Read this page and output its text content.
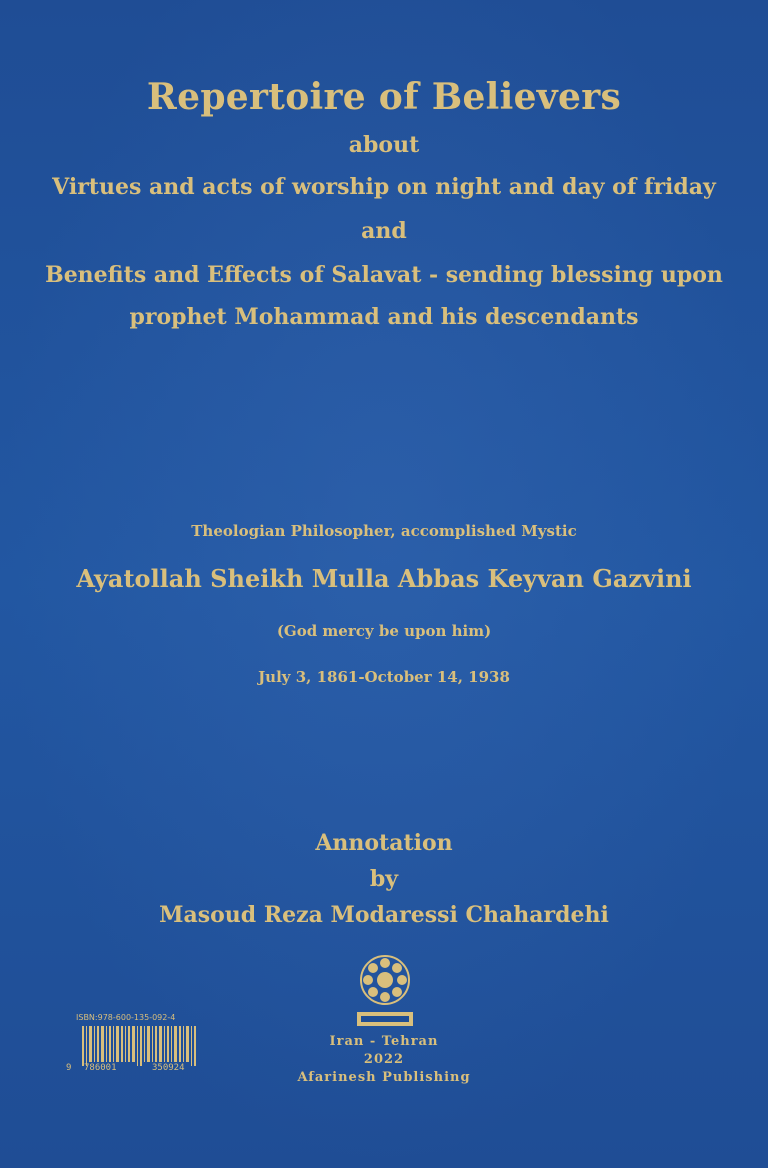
Repertoire of Believers
about
Virtues and acts of worship on night and day of friday
and
Benefits and Effects of Salavat - sending blessing upon
prophet Mohammad and his descendants
Theologian Philosopher, accomplished Mystic
Ayatollah Sheikh Mulla Abbas Keyvan Gazvini
(God mercy be upon him)
July 3, 1861-October 14, 1938
Annotation
by
Masoud Reza Modaressi Chahardehi
Iran - Tehran
2022
Afarinesh Publishing
ISBN:978-600-135-092-4
9 786001	350924
